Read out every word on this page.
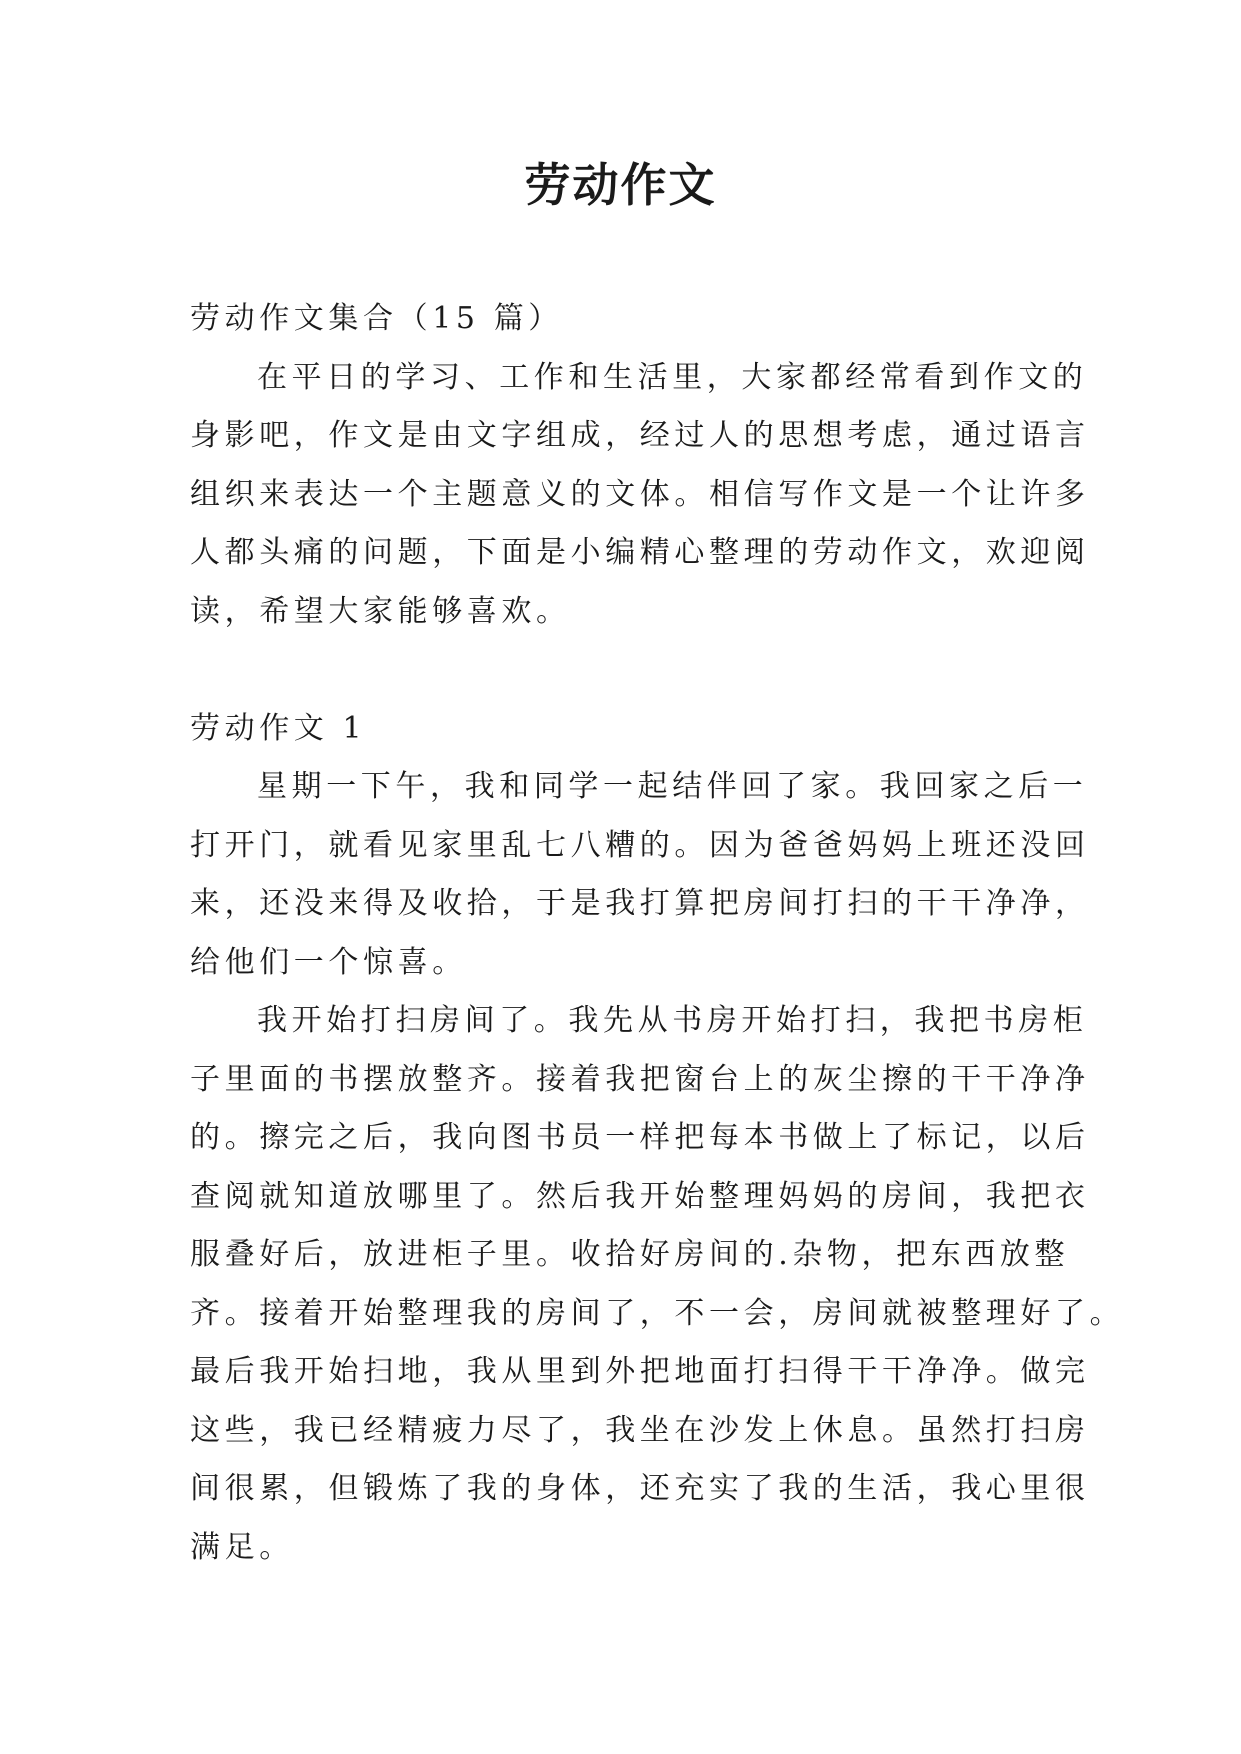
劳动作文
劳动作文集合（15 篇）
在平日的学习、工作和生活里，大家都经常看到作文的
身影吧，作文是由文字组成，经过人的思想考虑，通过语言
组织来表达一个主题意义的文体。相信写作文是一个让许多
人都头痛的问题，下面是小编精心整理的劳动作文，欢迎阅
读，希望大家能够喜欢。
劳动作文 1
星期一下午，我和同学一起结伴回了家。我回家之后一
打开门，就看见家里乱七八糟的。因为爸爸妈妈上班还没回
来，还没来得及收拾，于是我打算把房间打扫的干干净净，
给他们一个惊喜。
我开始打扫房间了。我先从书房开始打扫，我把书房柜
子里面的书摆放整齐。接着我把窗台上的灰尘擦的干干净净
的。擦完之后，我向图书员一样把每本书做上了标记，以后
查阅就知道放哪里了。然后我开始整理妈妈的房间，我把衣
服叠好后，放进柜子里。收拾好房间的.杂物，把东西放整
齐。接着开始整理我的房间了，不一会，房间就被整理好了。
最后我开始扫地，我从里到外把地面打扫得干干净净。做完
这些，我已经精疲力尽了，我坐在沙发上休息。虽然打扫房
间很累，但锻炼了我的身体，还充实了我的生活，我心里很
满足。
